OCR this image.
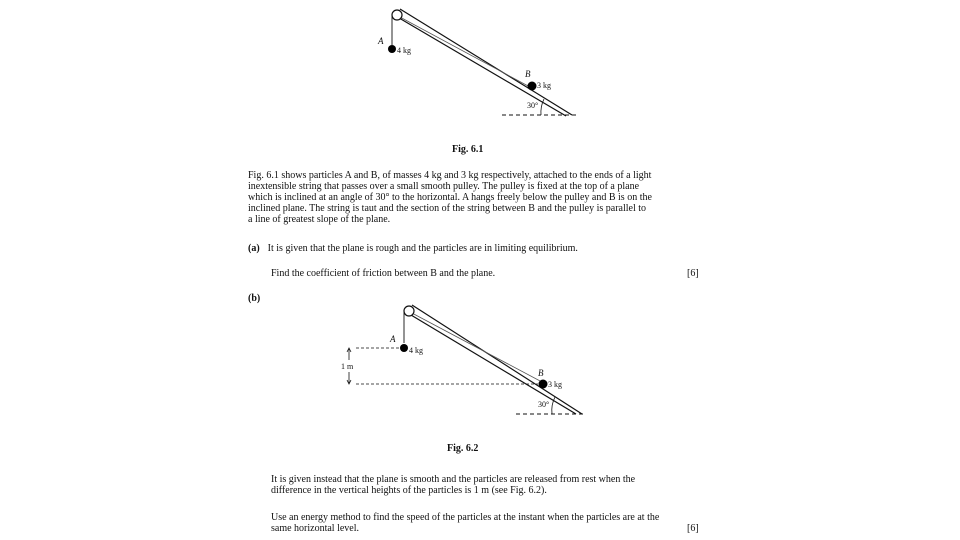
A
4 kg
B
3 kg
30°
Fig. 6.1
Fig. 6.1 shows particles A and B, of masses 4 kg and 3 kg respectively, attached to the ends of a light
inextensible string that passes over a small smooth pulley. The pulley is fixed at the top of a plane
which is inclined at an angle of 30° to the horizontal. A hangs freely below the pulley and B is on the
inclined plane. The string is taut and the section of the string between B and the pulley is parallel to
a line of greatest slope of the plane.
(a) It is given that the plane is rough and the particles are in limiting equilibrium.
Find the coefficient of friction between B and the plane.	[6]
(b)
A
4 kg
B
3 kg
1 m
30°
Fig. 6.2
It is given instead that the plane is smooth and the particles are released from rest when the
difference in the vertical heights of the particles is 1 m (see Fig. 6.2).
Use an energy method to find the speed of the particles at the instant when the particles are at the
same horizontal level.	[6]
